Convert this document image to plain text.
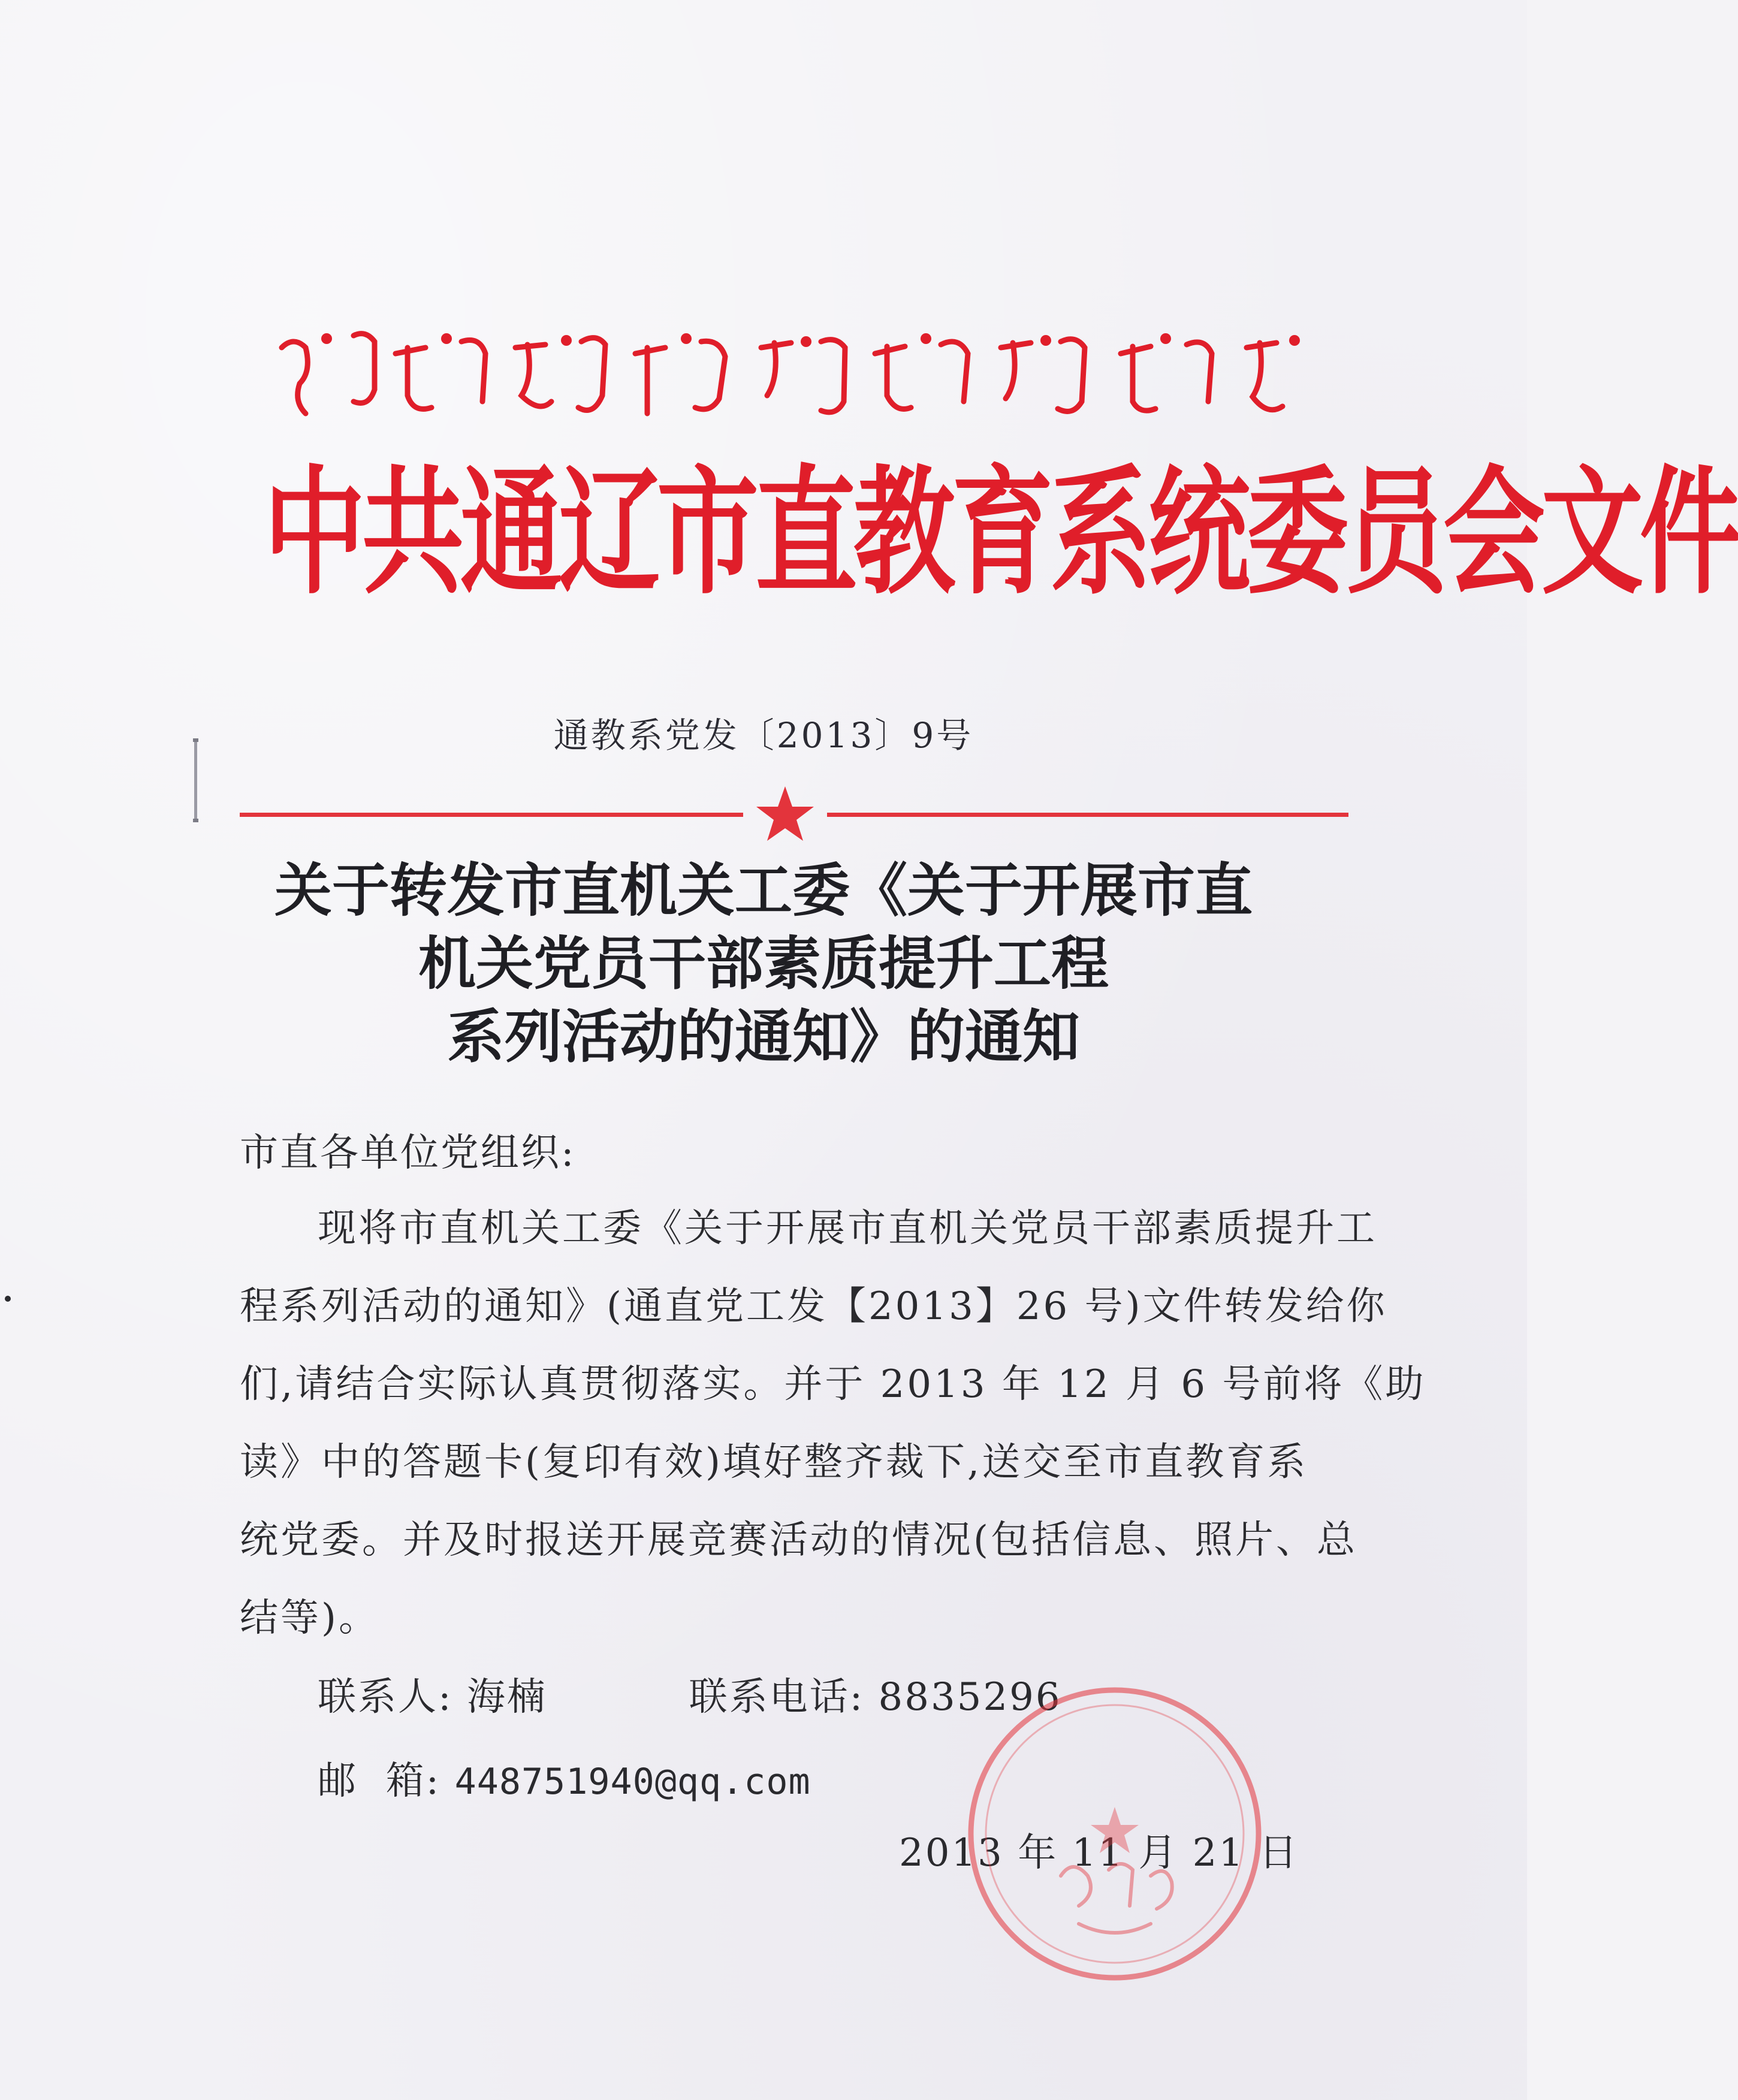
中共通辽市直教育系统委员会文件
通教系党发〔2013〕9号
关于转发市直机关工委《关于开展市直
机关党员干部素质提升工程
系列活动的通知》的通知
市直各单位党组织:
现将市直机关工委《关于开展市直机关党员干部素质提升工
程系列活动的通知》(通直党工发【2013】26 号)文件转发给你
们,请结合实际认真贯彻落实。并于 2013 年 12 月 6 号前将《助
读》中的答题卡(复印有效)填好整齐裁下,送交至市直教育系
统党委。并及时报送开展竞赛活动的情况(包括信息、照片、总
结等)。
联系人: 海楠	联系电话: 8835296
邮  箱: 448751940@qq.com
2013 年 11 月 21 日
